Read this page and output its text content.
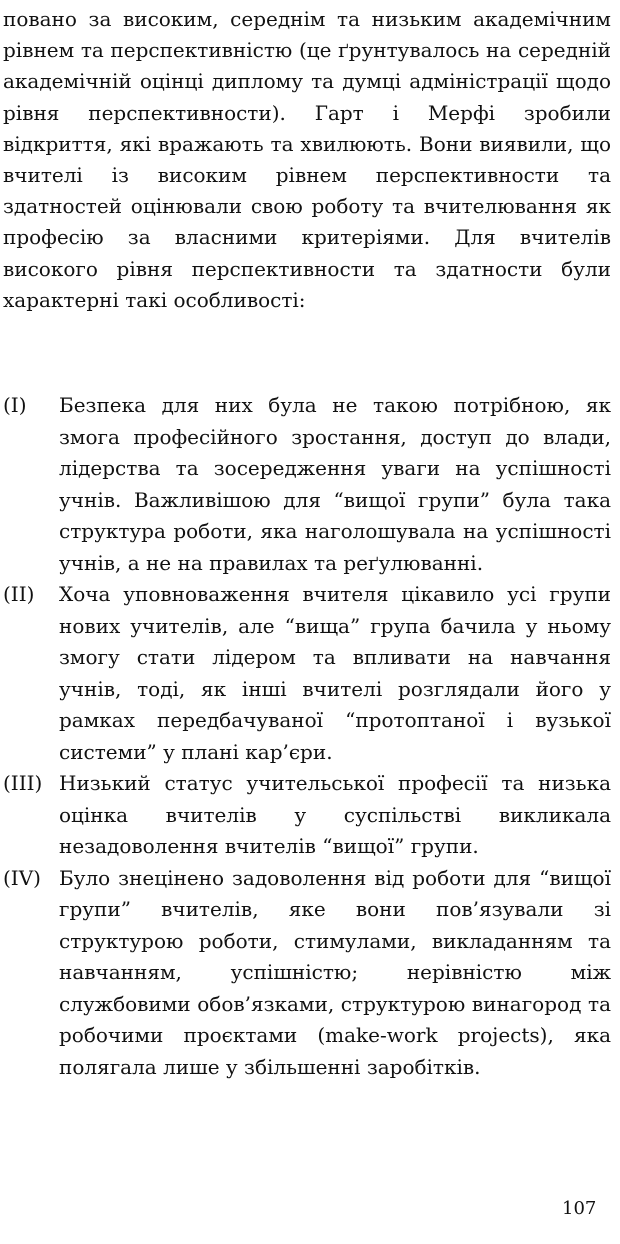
повано за високим, середнім та низьким академічним рівнем та перспективністю (це ґрунтувалось на середній академічній оцінці диплому та думці адміністрації щодо рівня перспективности). Гарт і Мерфі зробили відкриття, які вражають та хвилюють. Вони виявили, що вчителі із високим рівнем перспективности та здатностей оцінювали свою роботу та вчителювання як професію за власними критеріями. Для вчителів високого рівня перспективности та здатности були характерні такі особливості:

(I) Безпека для них була не такою потрібною, як змога професійного зростання, доступ до влади, лідерства та зосередження уваги на успішності учнів. Важливішою для “вищої групи” була така структура роботи, яка наголошувала на успішності учнів, а не на правилах та реґулюванні.
(II) Хоча уповноваження вчителя цікавило усі групи нових учителів, але “вища” група бачила у ньому змогу стати лідером та впливати на навчання учнів, тоді, як інші вчителі розглядали його у рамках передбачуваної “протоптаної і вузької системи” у плані кар’єри.
(III) Низький статус учительської професії та низька оцінка вчителів у суспільстві викликала незадоволення вчителів “вищої” групи.
(IV) Було знецінено задоволення від роботи для “вищої групи” вчителів, яке вони пов’язували зі структурою роботи, стимулами, викладанням та навчанням, успішністю; нерівністю між службовими обов’язками, структурою винагород та робочими проєктами (make-work projects), яка полягала лише у збільшенні заробітків.
107
